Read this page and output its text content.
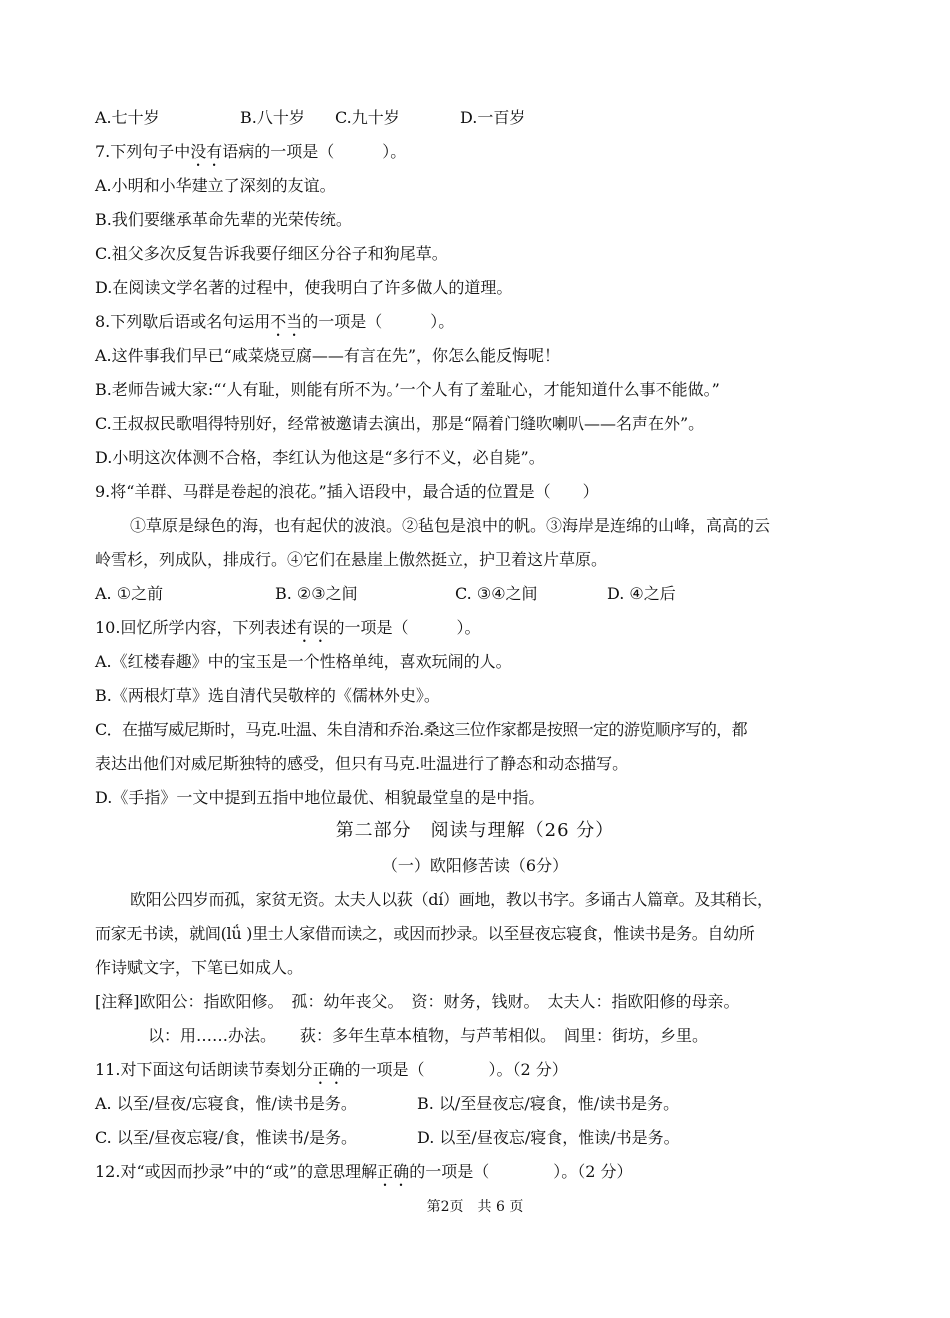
A.七十岁	B.八十岁 C.九十岁	D.一百岁
7.下列句子中没有语病的一项是（　　　）。
A.小明和小华建立了深刻的友谊。
B.我们要继承革命先辈的光荣传统。
C.祖父多次反复告诉我要仔细区分谷子和狗尾草。
D.在阅读文学名著的过程中，使我明白了许多做人的道理。
8.下列歇后语或名句运用不当的一项是（　　　）。
A.这件事我们早已“咸菜烧豆腐——有言在先”，你怎么能反悔呢！
B.老师告诫大家:“‘人有耻，则能有所不为。’一个人有了羞耻心，才能知道什么事不能做。”
C.王叔叔民歌唱得特别好，经常被邀请去演出，那是“隔着门缝吹喇叭——名声在外”。
D.小明这次体测不合格，李红认为他这是“多行不义，必自毙”。
9.将“羊群、马群是卷起的浪花。”插入语段中，最合适的位置是（　　）
①草原是绿色的海，也有起伏的波浪。②毡包是浪中的帆。③海岸是连绵的山峰，高高的云
岭雪杉，列成队，排成行。④它们在悬崖上傲然挺立，护卫着这片草原。
A. ①之前	B. ②③之间	C. ③④之间	D. ④之后
10.回忆所学内容，下列表述有误的一项是（　　　）。
A.《红楼春趣》中的宝玉是一个性格单纯，喜欢玩闹的人。
B.《两根灯草》选自清代吴敬梓的《儒林外史》。
C．在描写威尼斯时，马克.吐温、朱自清和乔治.桑这三位作家都是按照一定的游览顺序写的，都
表达出他们对威尼斯独特的感受，但只有马克.吐温进行了静态和动态描写。
D.《手指》一文中提到五指中地位最优、相貌最堂皇的是中指。
第二部分　阅读与理解（26 分）
（一）欧阳修苦读（6分）
欧阳公四岁而孤，家贫无资。太夫人以荻（dí）画地，教以书字。多诵古人篇章。及其稍长，
而家无书读，就闾(lǘ )里士人家借而读之，或因而抄录。以至昼夜忘寝食，惟读书是务。自幼所
作诗赋文字，下笔已如成人。
[注释]欧阳公：指欧阳修。　孤：幼年丧父。　资：财务，钱财。　太夫人：指欧阳修的母亲。
以：用……办法。　　荻：多年生草本植物，与芦苇相似。　闾里：街坊，乡里。
11.对下面这句话朗读节奏划分正确的一项是（　　　　）。（2 分）
A. 以至/昼夜/忘寝食，惟/读书是务。	B. 以/至昼夜忘/寝食，惟/读书是务。
C. 以至/昼夜忘寝/食，惟读书/是务。	D. 以至/昼夜忘/寝食，惟读/书是务。
12.对“或因而抄录”中的“或”的意思理解正确的一项是（　　　　）。（2 分）
第2页　共 6 页
